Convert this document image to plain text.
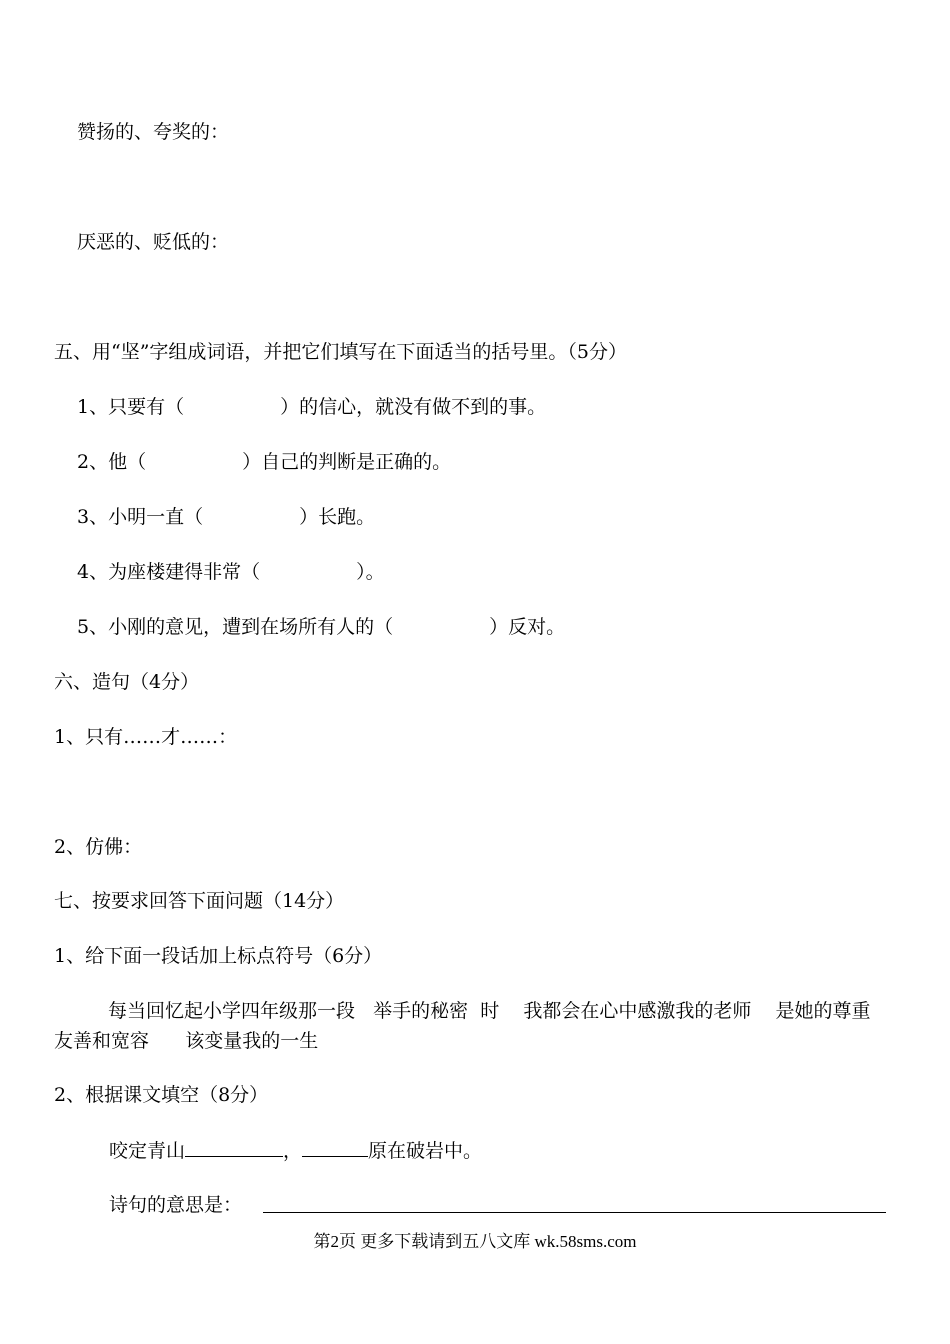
赞扬的、夸奖的：
厌恶的、贬低的：
五、用“坚”字组成词语，并把它们填写在下面适当的括号里。（5分）
1、只要有（	）的信心，就没有做不到的事。
2、他（	）自己的判断是正确的。
3、小明一直（	）长跑。
4、为座楼建得非常（	）。
5、小刚的意见，遭到在场所有人的（	）反对。
六、造句（4分）
1、只有……才……：
2、仿佛：
七、按要求回答下面问题（14分）
1、给下面一段话加上标点符号（6分）
每当回忆起小学四年级那一段   举手的秘密  时    我都会在心中感激我的老师    是她的尊重    友善和宽容      该变量我的一生
2、根据课文填空（8分）
咬定青山	，	原在破岩中。
诗句的意思是：
第2页 更多下载请到五八文库 wk.58sms.com
